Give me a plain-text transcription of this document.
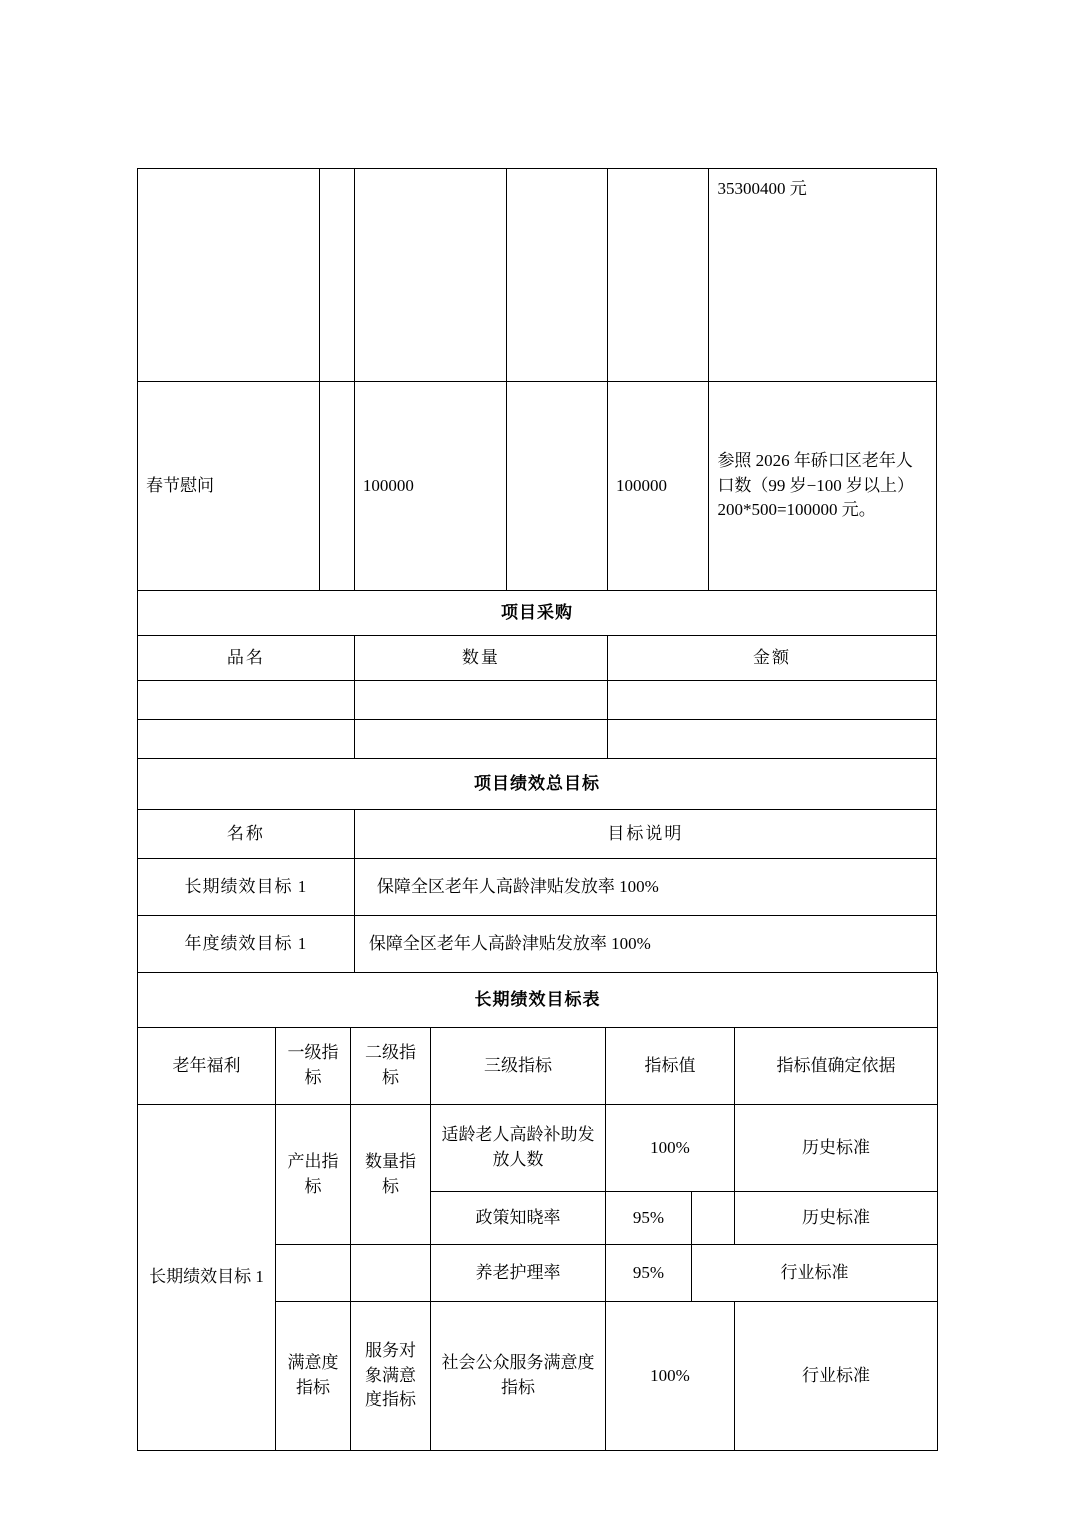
					35300400 元
春节慰问		100000		100000	参照 2026 年硚口区老年人口数（99 岁−100 岁以上）200*500=100000 元。
项目采购					
品名		数量		金额	

项目绩效总目标					
名称		目标说明			
长期绩效目标 1		保障全区老年人高龄津贴发放率 100%			
年度绩效目标 1		保障全区老年人高龄津贴发放率 100%			
长期绩效目标表						
老年福利	一级指标	二级指标	三级指标	指标值		指标值确定依据
长期绩效目标 1	产出指标	数量指标	适龄老人高龄补助发放人数	100%		历史标准
			政策知晓率	95%		历史标准
			养老护理率	95%	行业标准	
	满意度指标	服务对象满意度指标	社会公众服务满意度指标	100%		行业标准
